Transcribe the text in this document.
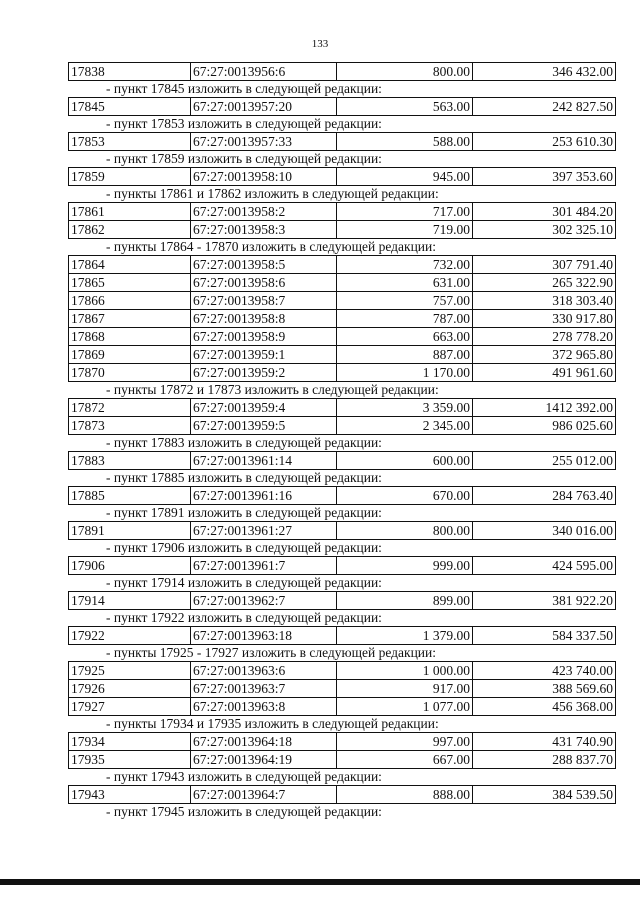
133
17838	67:27:0013956:6	800.00	346 432.00
- пункт 17845 изложить в следующей редакции:
17845	67:27:0013957:20	563.00	242 827.50
- пункт 17853 изложить в следующей редакции:
17853	67:27:0013957:33	588.00	253 610.30
- пункт 17859 изложить в следующей редакции:
17859	67:27:0013958:10	945.00	397 353.60
- пункты 17861 и 17862 изложить в следующей редакции:
17861	67:27:0013958:2	717.00	301 484.20
17862	67:27:0013958:3	719.00	302 325.10
- пункты 17864 - 17870 изложить в следующей редакции:
17864	67:27:0013958:5	732.00	307 791.40
17865	67:27:0013958:6	631.00	265 322.90
17866	67:27:0013958:7	757.00	318 303.40
17867	67:27:0013958:8	787.00	330 917.80
17868	67:27:0013958:9	663.00	278 778.20
17869	67:27:0013959:1	887.00	372 965.80
17870	67:27:0013959:2	1 170.00	491 961.60
- пункты 17872 и 17873 изложить в следующей редакции:
17872	67:27:0013959:4	3 359.00	1412 392.00
17873	67:27:0013959:5	2 345.00	986 025.60
- пункт 17883 изложить в следующей редакции:
17883	67:27:0013961:14	600.00	255 012.00
- пункт 17885 изложить в следующей редакции:
17885	67:27:0013961:16	670.00	284 763.40
- пункт 17891 изложить в следующей редакции:
17891	67:27:0013961:27	800.00	340 016.00
- пункт 17906 изложить в следующей редакции:
17906	67:27:0013961:7	999.00	424 595.00
- пункт 17914 изложить в следующей редакции:
17914	67:27:0013962:7	899.00	381 922.20
- пункт 17922 изложить в следующей редакции:
17922	67:27:0013963:18	1 379.00	584 337.50
- пункты 17925 - 17927 изложить в следующей редакции:
17925	67:27:0013963:6	1 000.00	423 740.00
17926	67:27:0013963:7	917.00	388 569.60
17927	67:27:0013963:8	1 077.00	456 368.00
- пункты 17934 и 17935 изложить в следующей редакции:
17934	67:27:0013964:18	997.00	431 740.90
17935	67:27:0013964:19	667.00	288 837.70
- пункт 17943 изложить в следующей редакции:
17943	67:27:0013964:7	888.00	384 539.50
- пункт 17945 изложить в следующей редакции:
